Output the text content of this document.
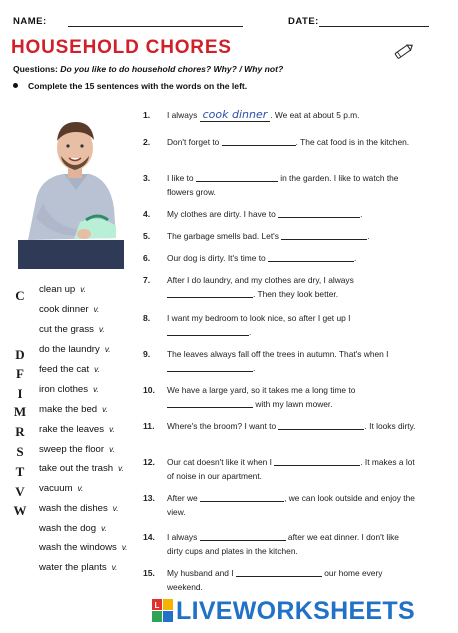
NAME:	DATE:
HOUSEHOLD CHORES
Questions: Do you like to do household chores? Why? / Why not?
Complete the 15 sentences with the words on the left.
C
D
F
I
M
R
S
T
V
W
clean up v.
cook dinner v.
cut the grass v.
do the laundry v.
feed the cat v.
iron clothes v.
make the bed v.
rake the leaves v.
sweep the floor v.
take out the trash v.
vacuum v.
wash the dishes v.
wash the dog v.
wash the windows v.
water the plants v.
1. I always cook dinner . We eat at about 5 p.m.
2. Don't forget to	. The cat food is in the kitchen.
3. I like to	in the garden. I like to watch the flowers grow.
4. My clothes are dirty. I have to	.
5. The garbage smells bad. Let's	.
6. Our dog is dirty. It's time to	.
7. After I do laundry, and my clothes are dry, I always . Then they look better.
8. I want my bedroom to look nice, so after I get up I .
9. The leaves always fall off the trees in autumn. That's when I .
10. We have a large yard, so it takes me a long time to  with my lawn mower.
11. Where's the broom? I want to	. It looks dirty.
12. Our cat doesn't like it when I	. It makes a lot of noise in our apartment.
13. After we	, we can look outside and enjoy the view.
14. I always	after we eat dinner. I don't like dirty cups and plates in the kitchen.
15. My husband and I	our home every weekend.
L LIVEWORKSHEETS
